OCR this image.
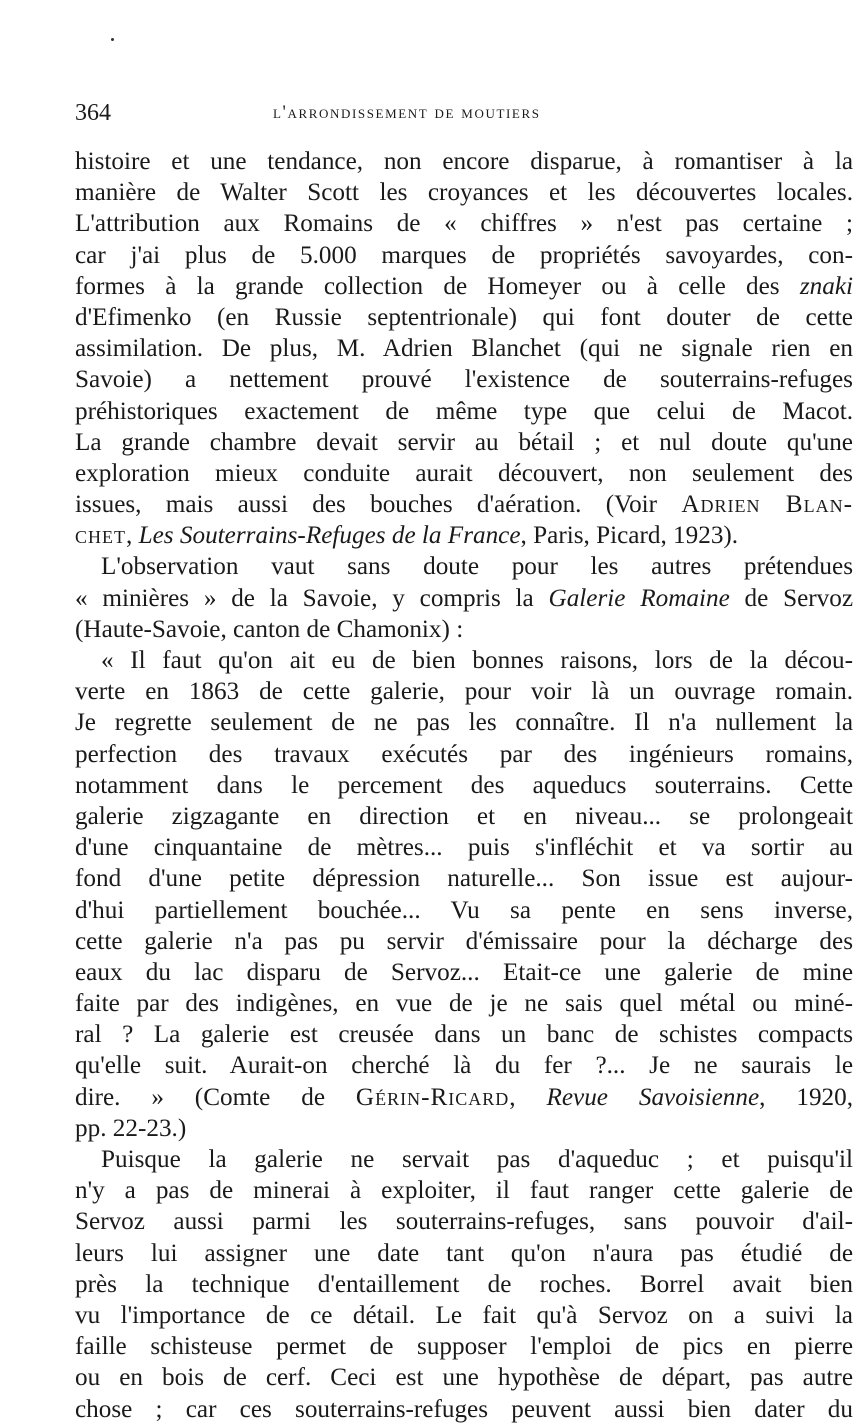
364	l'arrondissement de moutiers
histoire et une tendance, non encore disparue, à romantiser à la
manière de Walter Scott les croyances et les découvertes locales.
L'attribution aux Romains de « chiffres » n'est pas certaine ;
car j'ai plus de 5.000 marques de propriétés savoyardes, con-
formes à la grande collection de Homeyer ou à celle des znaki
d'Efimenko (en Russie septentrionale) qui font douter de cette
assimilation. De plus, M. Adrien Blanchet (qui ne signale rien en
Savoie) a nettement prouvé l'existence de souterrains-refuges
préhistoriques exactement de même type que celui de Macot.
La grande chambre devait servir au bétail ; et nul doute qu'une
exploration mieux conduite aurait découvert, non seulement des
issues, mais aussi des bouches d'aération. (Voir Adrien Blan-
chet, Les Souterrains-Refuges de la France, Paris, Picard, 1923).
L'observation vaut sans doute pour les autres prétendues
« minières » de la Savoie, y compris la Galerie Romaine de Servoz
(Haute-Savoie, canton de Chamonix) :
« Il faut qu'on ait eu de bien bonnes raisons, lors de la décou-
verte en 1863 de cette galerie, pour voir là un ouvrage romain.
Je regrette seulement de ne pas les connaître. Il n'a nullement la
perfection des travaux exécutés par des ingénieurs romains,
notamment dans le percement des aqueducs souterrains. Cette
galerie zigzagante en direction et en niveau... se prolongeait
d'une cinquantaine de mètres... puis s'infléchit et va sortir au
fond d'une petite dépression naturelle... Son issue est aujour-
d'hui partiellement bouchée... Vu sa pente en sens inverse,
cette galerie n'a pas pu servir d'émissaire pour la décharge des
eaux du lac disparu de Servoz... Etait-ce une galerie de mine
faite par des indigènes, en vue de je ne sais quel métal ou miné-
ral ? La galerie est creusée dans un banc de schistes compacts
qu'elle suit. Aurait-on cherché là du fer ?... Je ne saurais le
dire. » (Comte de Gérin-Ricard, Revue Savoisienne, 1920,
pp. 22-23.)
Puisque la galerie ne servait pas d'aqueduc ; et puisqu'il
n'y a pas de minerai à exploiter, il faut ranger cette galerie de
Servoz aussi parmi les souterrains-refuges, sans pouvoir d'ail-
leurs lui assigner une date tant qu'on n'aura pas étudié de
près la technique d'entaillement de roches. Borrel avait bien
vu l'importance de ce détail. Le fait qu'à Servoz on a suivi la
faille schisteuse permet de supposer l'emploi de pics en pierre
ou en bois de cerf. Ceci est une hypothèse de départ, pas autre
chose ; car ces souterrains-refuges peuvent aussi bien dater du
